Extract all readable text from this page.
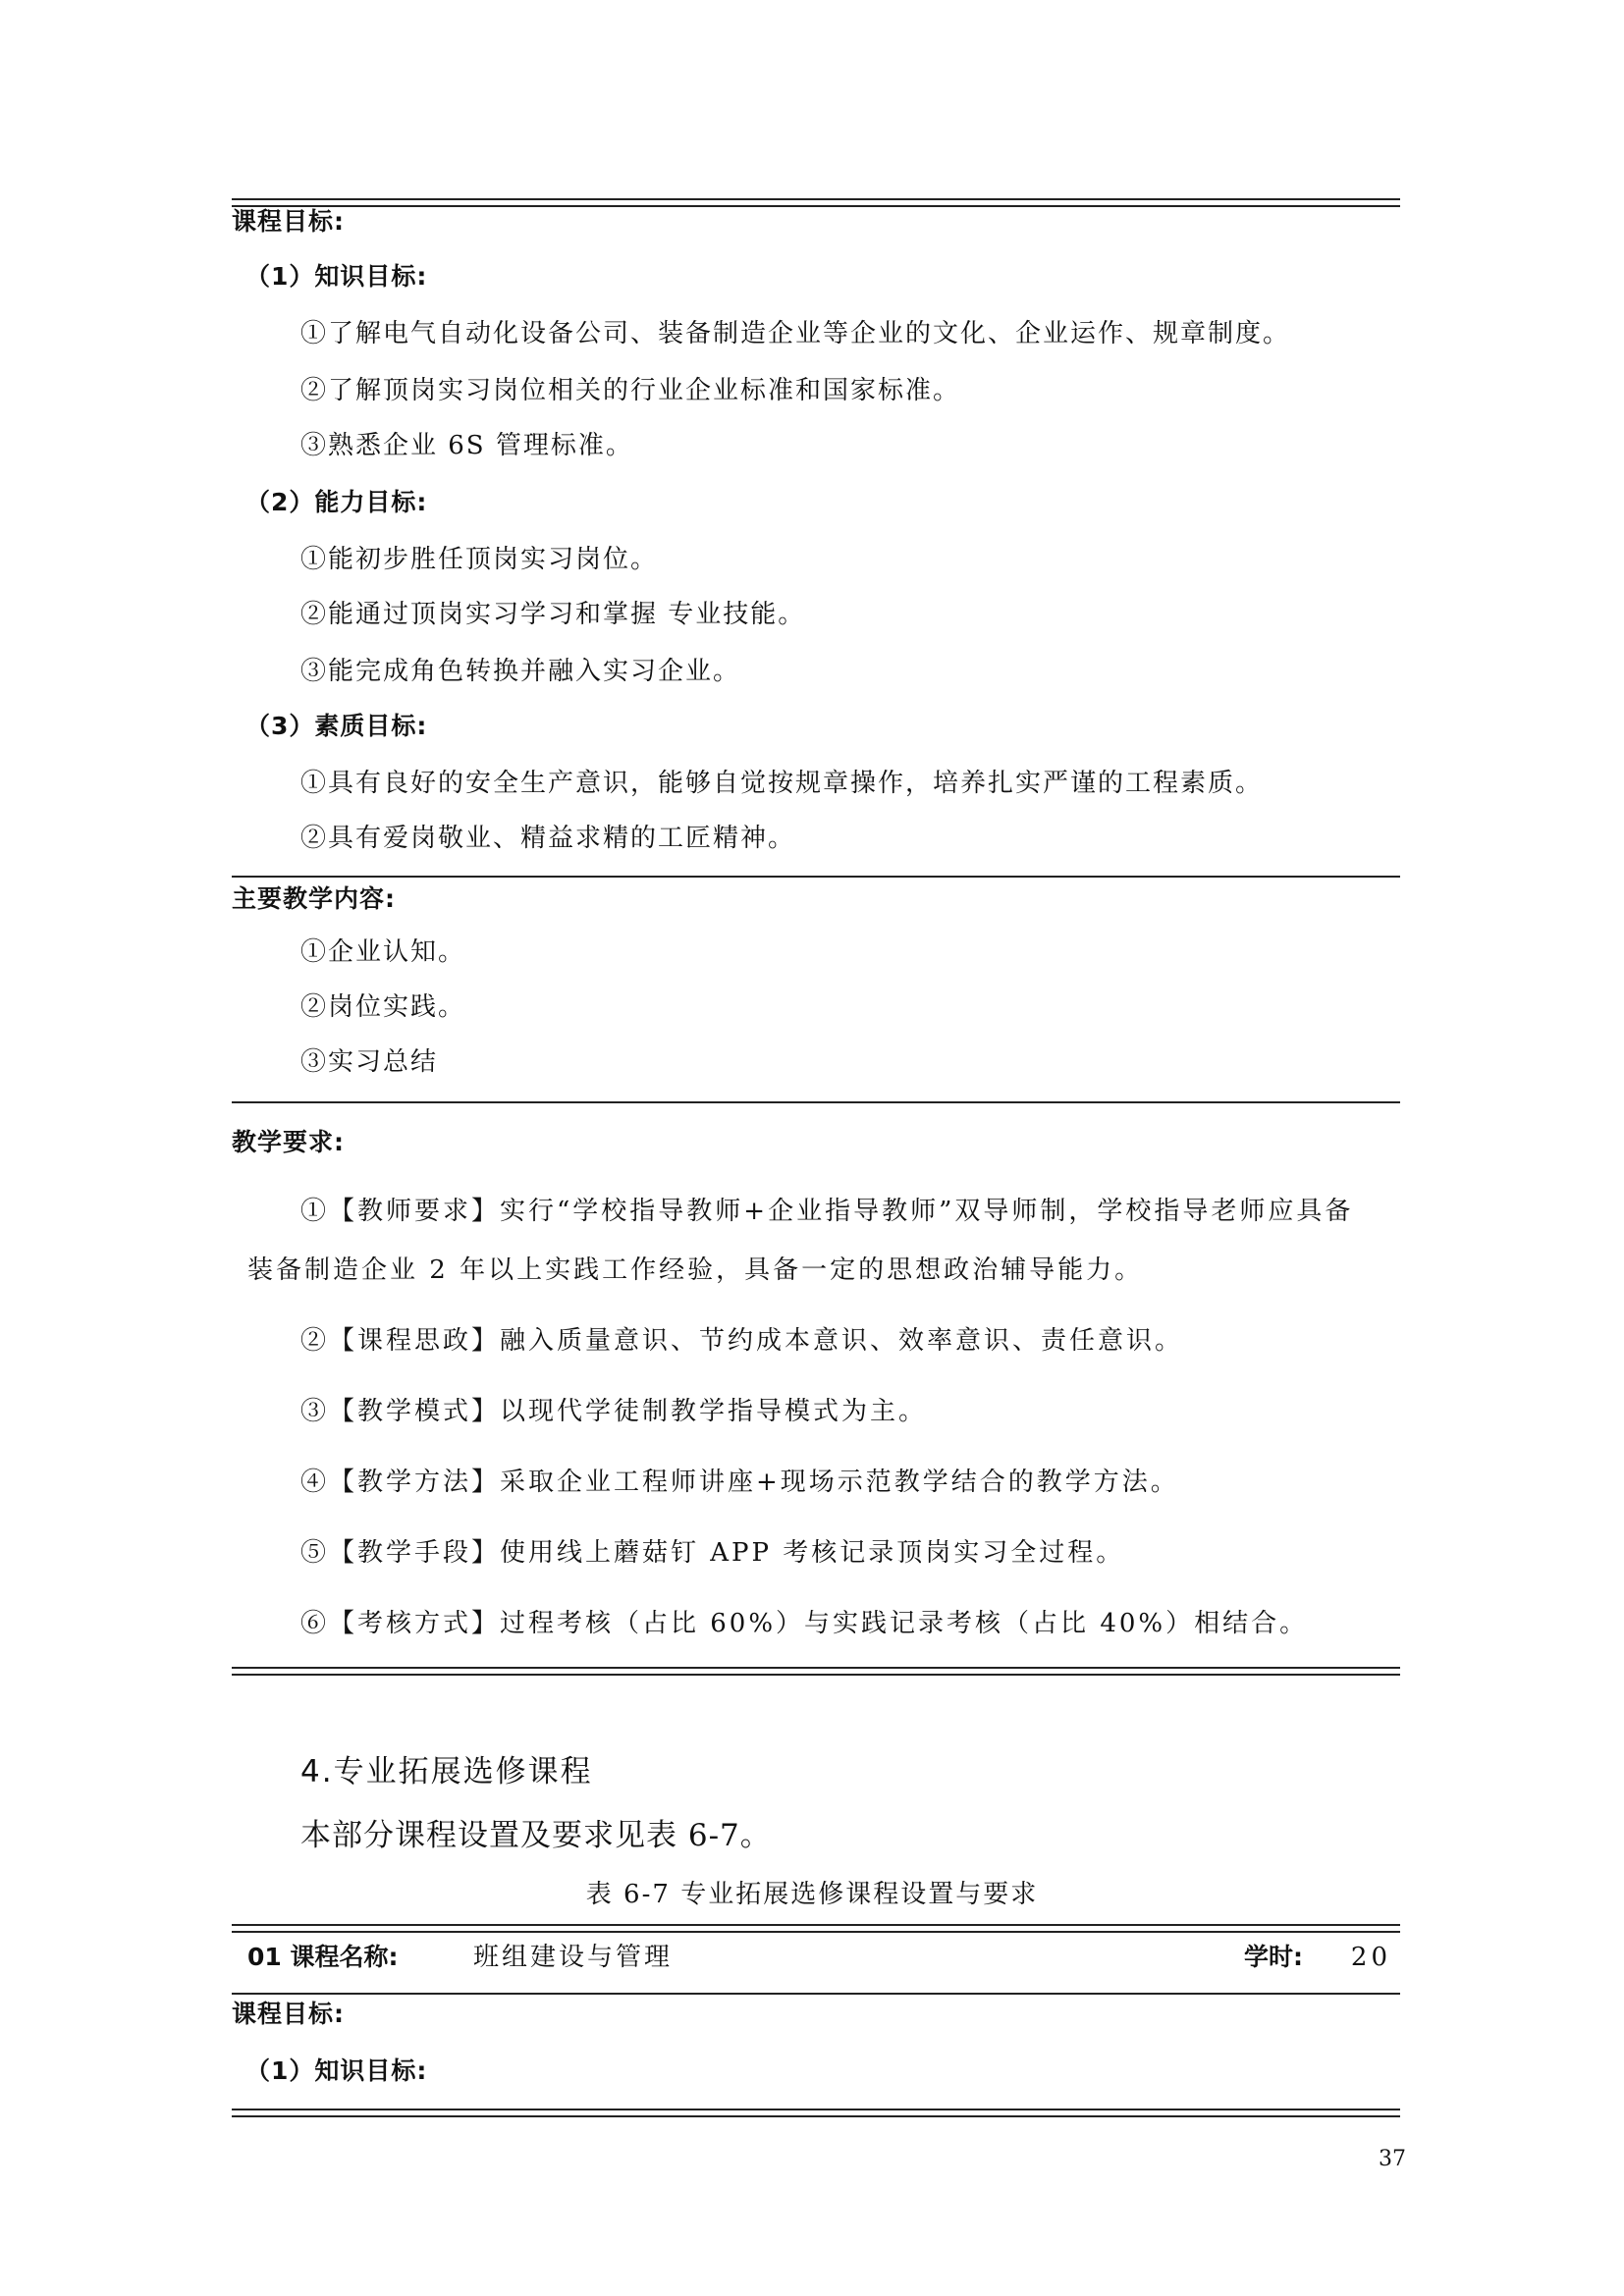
课程目标:
（1）知识目标:
①了解电气自动化设备公司、装备制造企业等企业的文化、企业运作、规章制度。
②了解顶岗实习岗位相关的行业企业标准和国家标准。
③熟悉企业 6S 管理标准。
（2）能力目标:
①能初步胜任顶岗实习岗位。
②能通过顶岗实习学习和掌握 专业技能。
③能完成角色转换并融入实习企业。
（3）素质目标:
①具有良好的安全生产意识，能够自觉按规章操作，培养扎实严谨的工程素质。
②具有爱岗敬业、精益求精的工匠精神。
主要教学内容:
①企业认知。
②岗位实践。
③实习总结
教学要求:
①【教师要求】实行“学校指导教师+企业指导教师”双导师制，学校指导老师应具备
装备制造企业 2 年以上实践工作经验，具备一定的思想政治辅导能力。
②【课程思政】融入质量意识、节约成本意识、效率意识、责任意识。
③【教学模式】以现代学徒制教学指导模式为主。
④【教学方法】采取企业工程师讲座+现场示范教学结合的教学方法。
⑤【教学手段】使用线上蘑菇钉 APP 考核记录顶岗实习全过程。
⑥【考核方式】过程考核（占比 60%）与实践记录考核（占比 40%）相结合。
4.专业拓展选修课程
本部分课程设置及要求见表 6-7。
表 6-7 专业拓展选修课程设置与要求
01 课程名称:	班组建设与管理	学时: 20
课程目标:
（1）知识目标:
37
